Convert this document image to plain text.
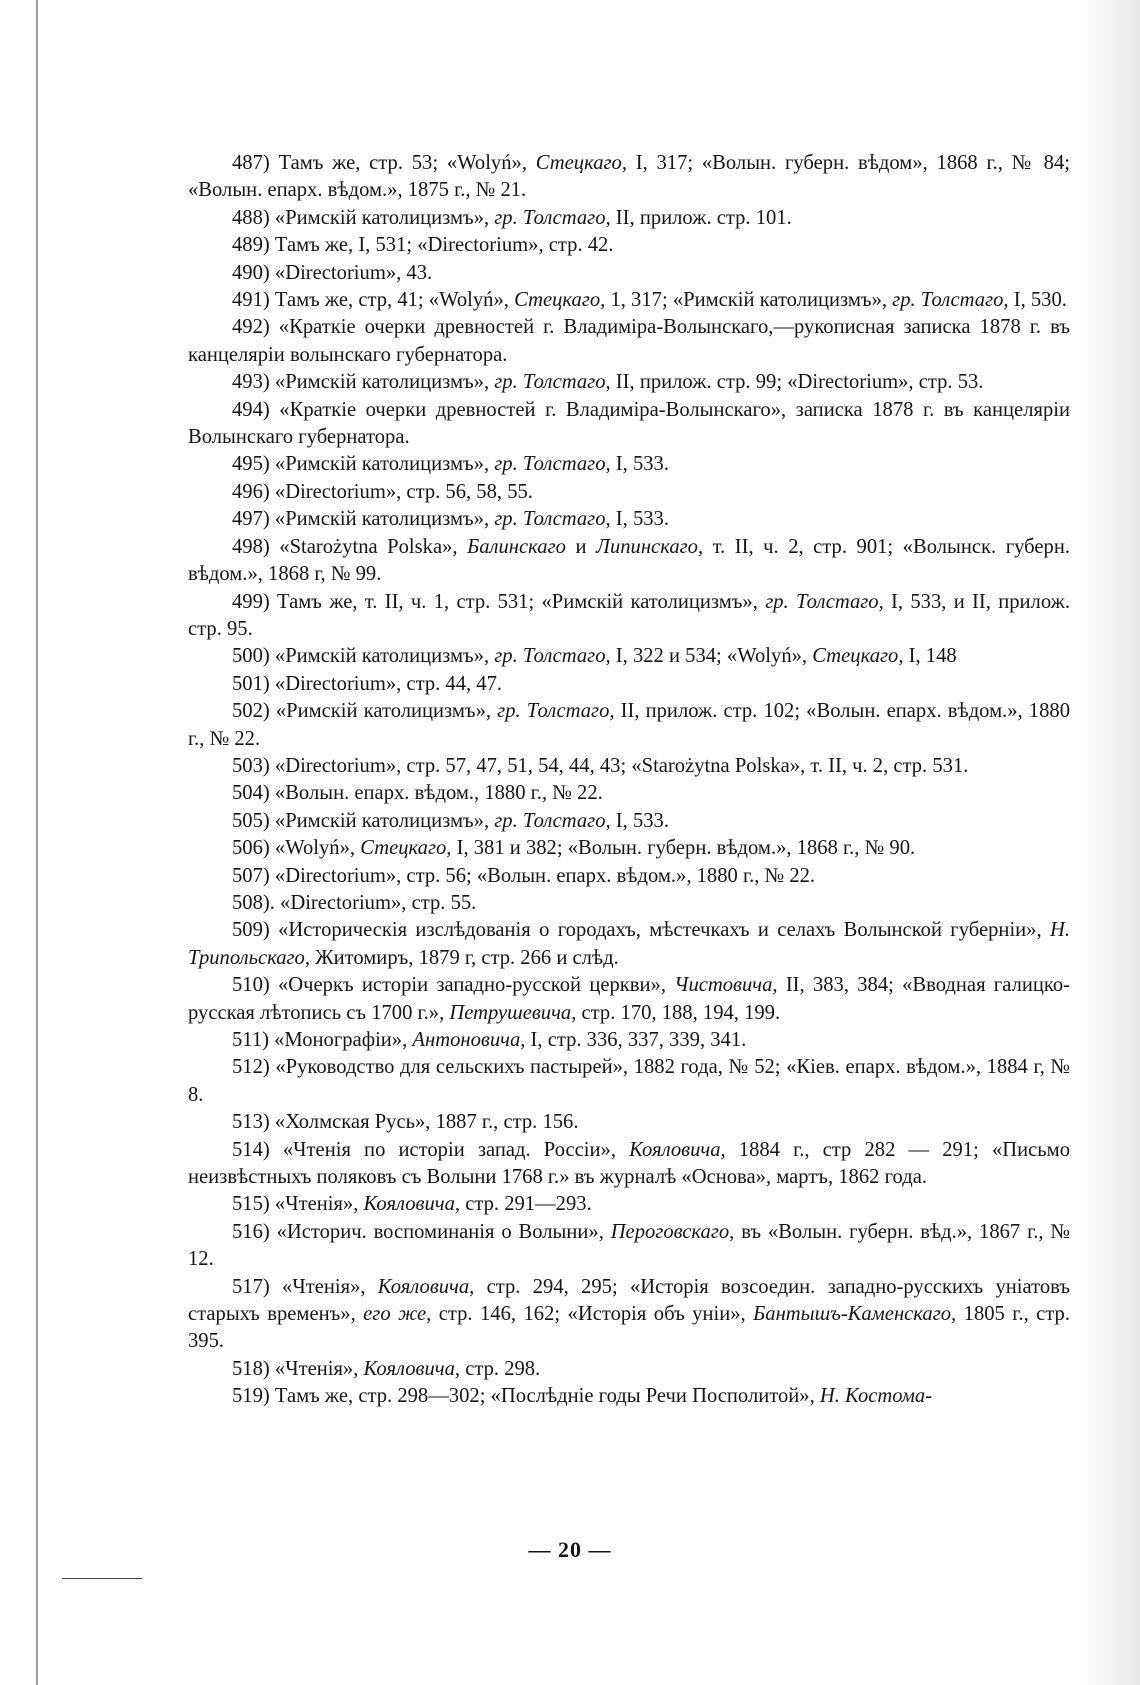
487) Тамъ же, стр. 53; «Wolyń», Стецкаго, I, 317; «Волын. губерн. вѣдом», 1868 г., № 84; «Волын. епарх. вѣдом.», 1875 г., № 21.

488) «Римскій католицизмъ», гр. Толстаго, II, прилож. стр. 101.

489) Тамъ же, I, 531; «Directorium», стр. 42.

490) «Directorium», 43.

491) Тамъ же, стр, 41; «Wolyń», Стецкаго, 1, 317; «Римскій католицизмъ», гр. Толстаго, I, 530.

492) «Краткіе очерки древностей г. Владиміра-Волынскаго,—рукописная записка 1878 г. въ канцеляріи волынскаго губернатора.

493) «Римскій католицизмъ», гр. Толстаго, II, прилож. стр. 99; «Directorium», стр. 53.

494) «Краткіе очерки древностей г. Владиміра-Волынскаго», записка 1878 г. въ канцеляріи Волынскаго губернатора.

495) «Римскій католицизмъ», гр. Толстаго, I, 533.

496) «Directorium», стр. 56, 58, 55.

497) «Римскій католицизмъ», гр. Толстаго, I, 533.

498) «Starożytna Polska», Балинскаго и Липинскаго, т. II, ч. 2, стр. 901; «Волынск. губерн. вѣдом.», 1868 г, № 99.

499) Тамъ же, т. II, ч. 1, стр. 531; «Римскій католицизмъ», гр. Толстаго, I, 533, и II, прилож. стр. 95.

500) «Римскій католицизмъ», гр. Толстаго, I, 322 и 534; «Wolyń», Стецкаго, I, 148

501) «Directorium», стр. 44, 47.

502) «Римскій католицизмъ», гр. Толстаго, II, прилож. стр. 102; «Волын. епарх. вѣдом.», 1880 г., № 22.

503) «Directorium», стр. 57, 47, 51, 54, 44, 43; «Starożytna Polska», т. II, ч. 2, стр. 531.

504) «Волын. епарх. вѣдом., 1880 г., № 22.

505) «Римскій католицизмъ», гр. Толстаго, I, 533.

506) «Wolyń», Стецкаго, I, 381 и 382; «Волын. губерн. вѣдом.», 1868 г., № 90.

507) «Directorium», стр. 56; «Волын. епарх. вѣдом.», 1880 г., № 22.

508). «Directorium», стр. 55.

509) «Историческія изслѣдованія о городахъ, мѣстечкахъ и селахъ Волынской губерніи», Н. Трипольскаго, Житомиръ, 1879 г, стр. 266 и слѣд.

510) «Очеркъ исторіи западно-русской церкви», Чистовича, II, 383, 384; «Вводная галицко-русская лѣтопись съ 1700 г.», Петрушевича, стр. 170, 188, 194, 199.

511) «Монографіи», Антоновича, I, стр. 336, 337, 339, 341.

512) «Руководство для сельскихъ пастырей», 1882 года, № 52; «Кіев. епарх. вѣдом.», 1884 г, № 8.

513) «Холмская Русь», 1887 г., стр. 156.

514) «Чтенія по исторіи запад. Россіи», Кояловича, 1884 г., стр 282 — 291; «Письмо неизвѣстныхъ поляковъ съ Волыни 1768 г.» въ журналѣ «Основа», мартъ, 1862 года.

515) «Чтенія», Кояловича, стр. 291—293.

516) «Историч. воспоминанія о Волыни», Пероговскаго, въ «Волын. губерн. вѣд.», 1867 г., № 12.

517) «Чтенія», Кояловича, стр. 294, 295; «Исторія возсоедин. западно-русскихъ уніатовъ старыхъ временъ», его же, стр. 146, 162; «Исторія объ уніи», Бантышъ-Каменскаго, 1805 г., стр. 395.

518) «Чтенія», Кояловича, стр. 298.

519) Тамъ же, стр. 298—302; «Послѣдніе годы Речи Посполитой», Н. Костома-

— 20 —
